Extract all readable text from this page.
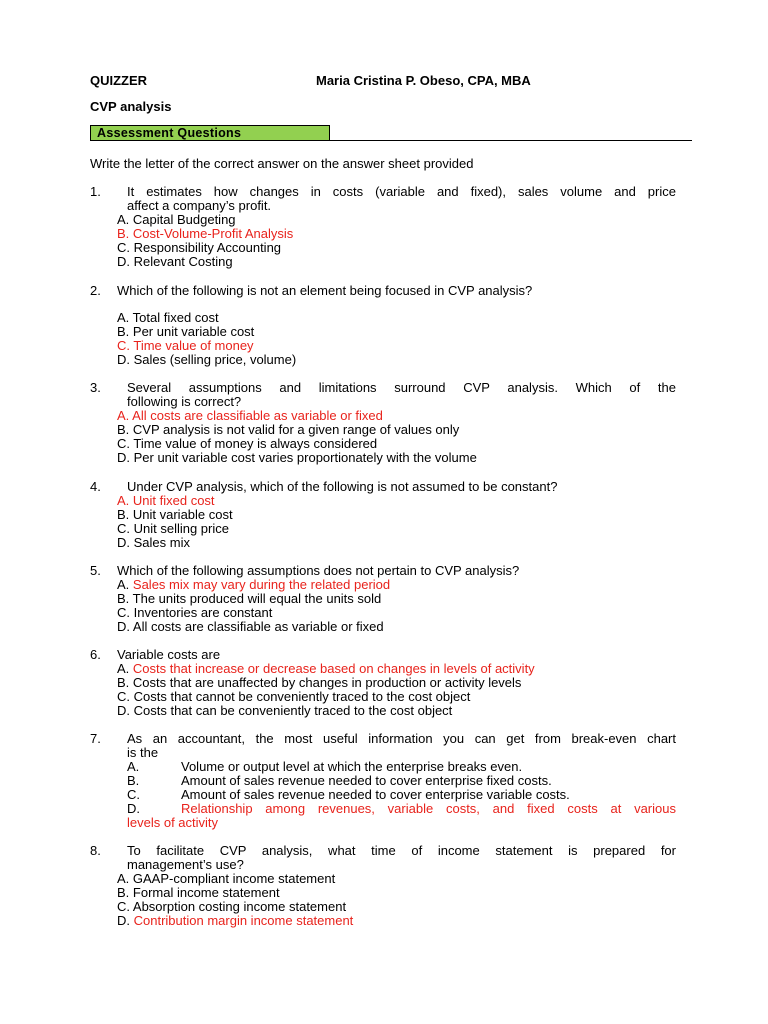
QUIZZER	Maria Cristina P. Obeso, CPA, MBA
CVP analysis
Assessment Questions
Write the letter of the correct answer on the answer sheet provided
1. It estimates how changes in costs (variable and fixed), sales volume and price
affect a company’s profit.
A. Capital Budgeting
B. Cost-Volume-Profit Analysis
C. Responsibility Accounting
D. Relevant Costing
2. Which of the following is not an element being focused in CVP analysis?
A. Total fixed cost
B. Per unit variable cost
C. Time value of money
D. Sales (selling price, volume)
3. Several assumptions and limitations surround CVP analysis. Which of the
following is correct?
A. All costs are classifiable as variable or fixed
B. CVP analysis is not valid for a given range of values only
C. Time value of money is always considered
D. Per unit variable cost varies proportionately with the volume
4. Under CVP analysis, which of the following is not assumed to be constant?
A. Unit fixed cost
B. Unit variable cost
C. Unit selling price
D. Sales mix
5. Which of the following assumptions does not pertain to CVP analysis?
A. Sales mix may vary during the related period
B. The units produced will equal the units sold
C. Inventories are constant
D. All costs are classifiable as variable or fixed
6. Variable costs are
A. Costs that increase or decrease based on changes in levels of activity
B. Costs that are unaffected by changes in production or activity levels
C. Costs that cannot be conveniently traced to the cost object
D. Costs that can be conveniently traced to the cost object
7. As an accountant, the most useful information you can get from break-even chart
is the
A.	Volume or output level at which the enterprise breaks even.
B.	Amount of sales revenue needed to cover enterprise fixed costs.
C.	Amount of sales revenue needed to cover enterprise variable costs.
D.	Relationship among revenues, variable costs, and fixed costs at various
levels of activity
8. To facilitate CVP analysis, what time of income statement is prepared for
management’s use?
A. GAAP-compliant income statement
B. Formal income statement
C. Absorption costing income statement
D. Contribution margin income statement
